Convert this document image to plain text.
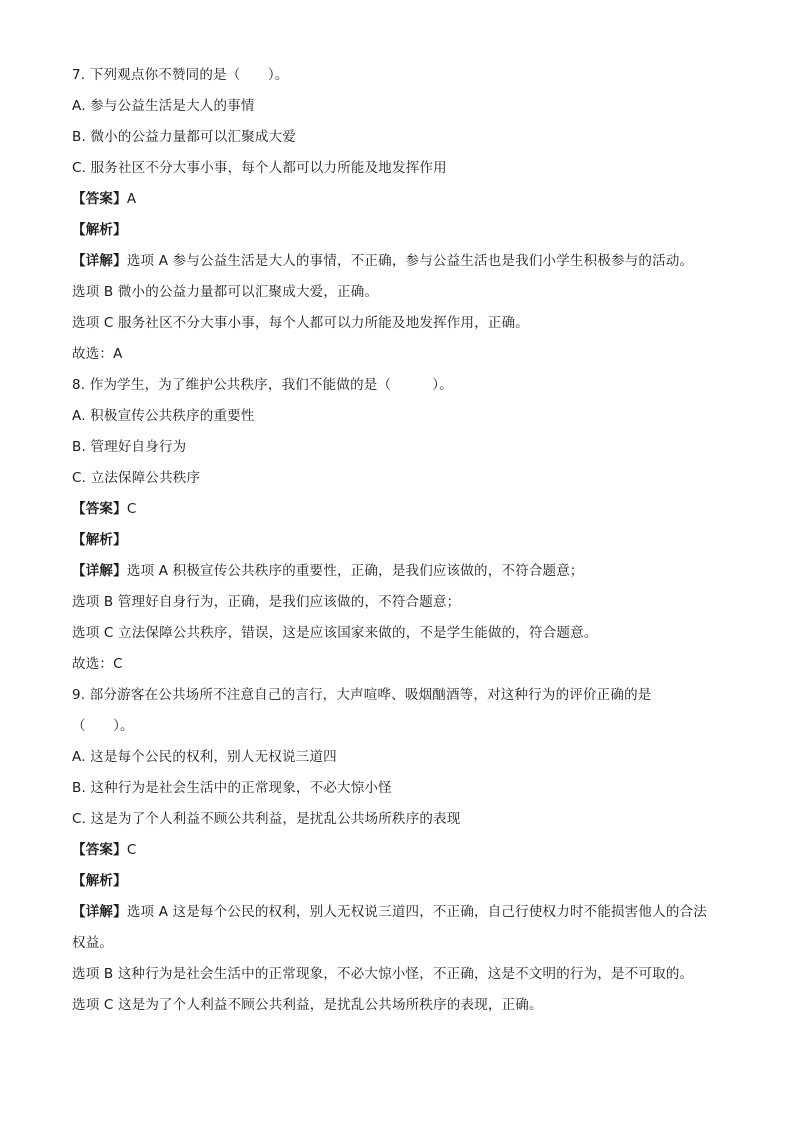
7. 下列观点你不赞同的是（　　）。
A. 参与公益生活是大人的事情
B. 微小的公益力量都可以汇聚成大爱
C. 服务社区不分大事小事，每个人都可以力所能及地发挥作用
【答案】A
【解析】
【详解】选项 A 参与公益生活是大人的事情，不正确，参与公益生活也是我们小学生积极参与的活动。
选项 B 微小的公益力量都可以汇聚成大爱，正确。
选项 C 服务社区不分大事小事，每个人都可以力所能及地发挥作用，正确。
故选：A
8. 作为学生，为了维护公共秩序，我们不能做的是（　　　）。
A. 积极宣传公共秩序的重要性
B. 管理好自身行为
C. 立法保障公共秩序
【答案】C
【解析】
【详解】选项 A 积极宣传公共秩序的重要性，正确，是我们应该做的，不符合题意；
选项 B 管理好自身行为，正确，是我们应该做的，不符合题意；
选项 C 立法保障公共秩序，错误，这是应该国家来做的，不是学生能做的，符合题意。
故选：C
9. 部分游客在公共场所不注意自己的言行，大声喧哗、吸烟酗酒等，对这种行为的评价正确的是
（　　）。
A. 这是每个公民的权利，别人无权说三道四
B. 这种行为是社会生活中的正常现象，不必大惊小怪
C. 这是为了个人利益不顾公共利益，是扰乱公共场所秩序的表现
【答案】C
【解析】
【详解】选项 A 这是每个公民的权利，别人无权说三道四，不正确，自己行使权力时不能损害他人的合法
权益。
选项 B 这种行为是社会生活中的正常现象，不必大惊小怪，不正确，这是不文明的行为，是不可取的。
选项 C 这是为了个人利益不顾公共利益，是扰乱公共场所秩序的表现，正确。
